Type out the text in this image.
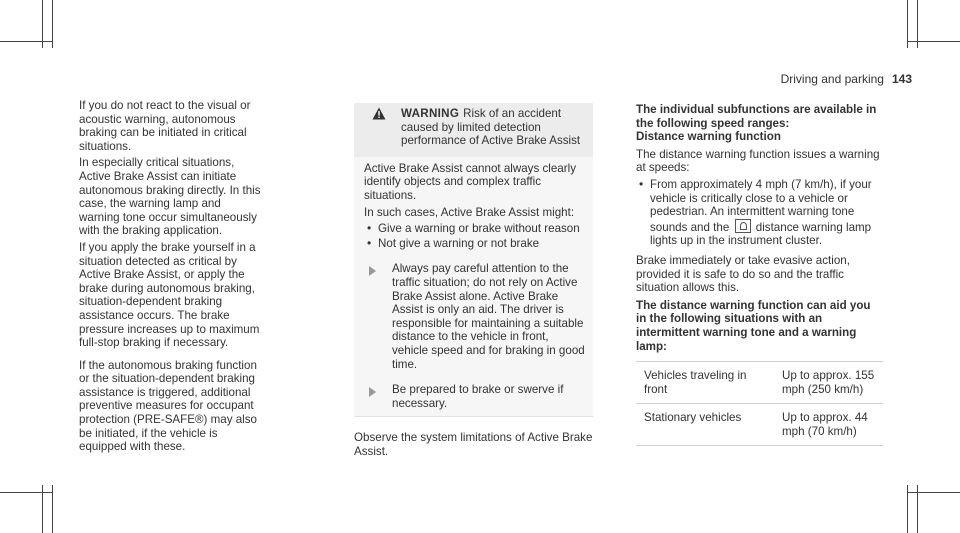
Driving and parking 143

If you do not react to the visual or acoustic warning, autonomous braking can be initiated in critical situations.

In especially critical situations, Active Brake Assist can initiate autonomous braking directly. In this case, the warning lamp and warning tone occur simultaneously with the braking application.

If you apply the brake yourself in a situation detected as critical by Active Brake Assist, or apply the brake during autonomous braking, situation-dependent braking assistance occurs. The brake pressure increases up to maximum full-stop braking if necessary.

If the autonomous braking function or the situation-dependent braking assistance is triggered, additional preventive measures for occupant protection (PRE-SAFE®) may also be initiated, if the vehicle is equipped with these.

WARNING Risk of an accident caused by limited detection performance of Active Brake Assist

Active Brake Assist cannot always clearly identify objects and complex traffic situations.

In such cases, Active Brake Assist might:

• Give a warning or brake without reason
• Not give a warning or not brake
Always pay careful attention to the traffic situation; do not rely on Active Brake Assist alone. Active Brake Assist is only an aid. The driver is responsible for maintaining a suitable distance to the vehicle in front, vehicle speed and for braking in good time.
Be prepared to brake or swerve if necessary.

Observe the system limitations of Active Brake Assist.

The individual subfunctions are available in the following speed ranges:
Distance warning function

The distance warning function issues a warning at speeds:

• From approximately 4 mph (7 km/h), if your vehicle is critically close to a vehicle or pedestrian. An intermittent warning tone sounds and the distance warning lamp lights up in the instrument cluster.

Brake immediately or take evasive action, provided it is safe to do so and the traffic situation allows this.

The distance warning function can aid you in the following situations with an intermittent warning tone and a warning lamp:
Vehicles traveling in front	Up to approx. 155 mph (250 km/h)
Stationary vehicles	Up to approx. 44 mph (70 km/h)
